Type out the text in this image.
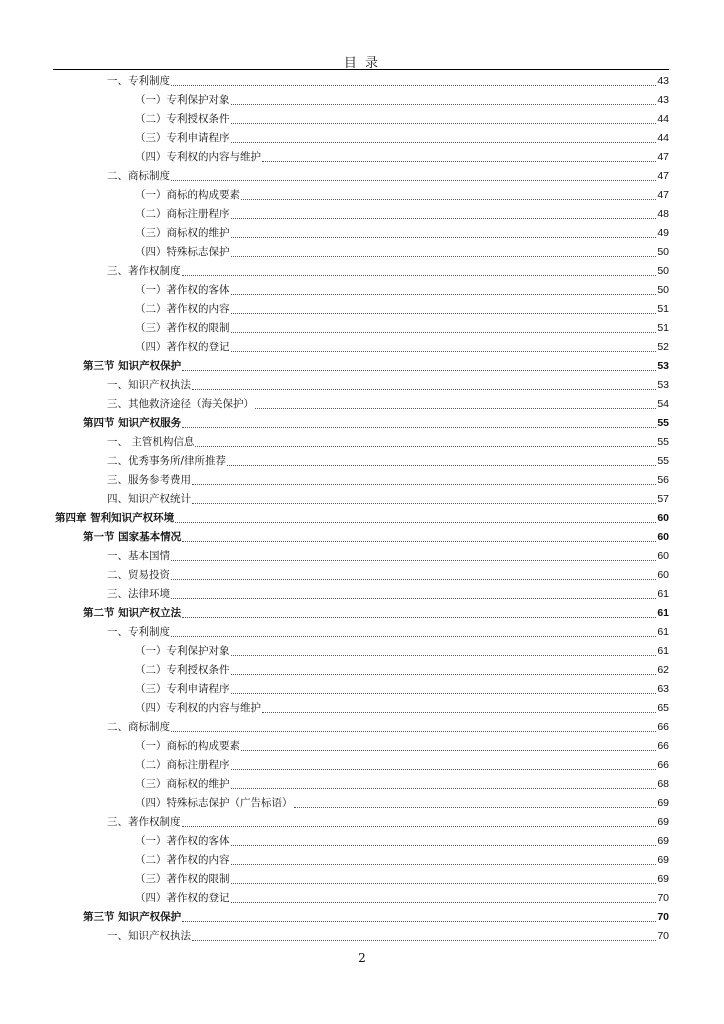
目 录
一、专利制度	43
（一）专利保护对象	43
（二）专利授权条件	44
（三）专利申请程序	44
（四）专利权的内容与维护	47
二、商标制度	47
（一）商标的构成要素	47
（二）商标注册程序	48
（三）商标权的维护	49
（四）特殊标志保护	50
三、著作权制度	50
（一）著作权的客体	50
（二）著作权的内容	51
（三）著作权的限制	51
（四）著作权的登记	52
第三节 知识产权保护	53
一、知识产权执法	53
三、其他救济途径（海关保护）	54
第四节 知识产权服务	55
一、 主管机构信息	55
二、优秀事务所/律所推荐	55
三、服务参考费用	56
四、知识产权统计	57
第四章 智利知识产权环境	60
第一节 国家基本情况	60
一、基本国情	60
二、贸易投资	60
三、法律环境	61
第二节 知识产权立法	61
一、专利制度	61
（一）专利保护对象	61
（二）专利授权条件	62
（三）专利申请程序	63
（四）专利权的内容与维护	65
二、商标制度	66
（一）商标的构成要素	66
（二）商标注册程序	66
（三）商标权的维护	68
（四）特殊标志保护（广告标语）	69
三、著作权制度	69
（一）著作权的客体	69
（二）著作权的内容	69
（三）著作权的限制	69
（四）著作权的登记	70
第三节 知识产权保护	70
一、知识产权执法	70
2
